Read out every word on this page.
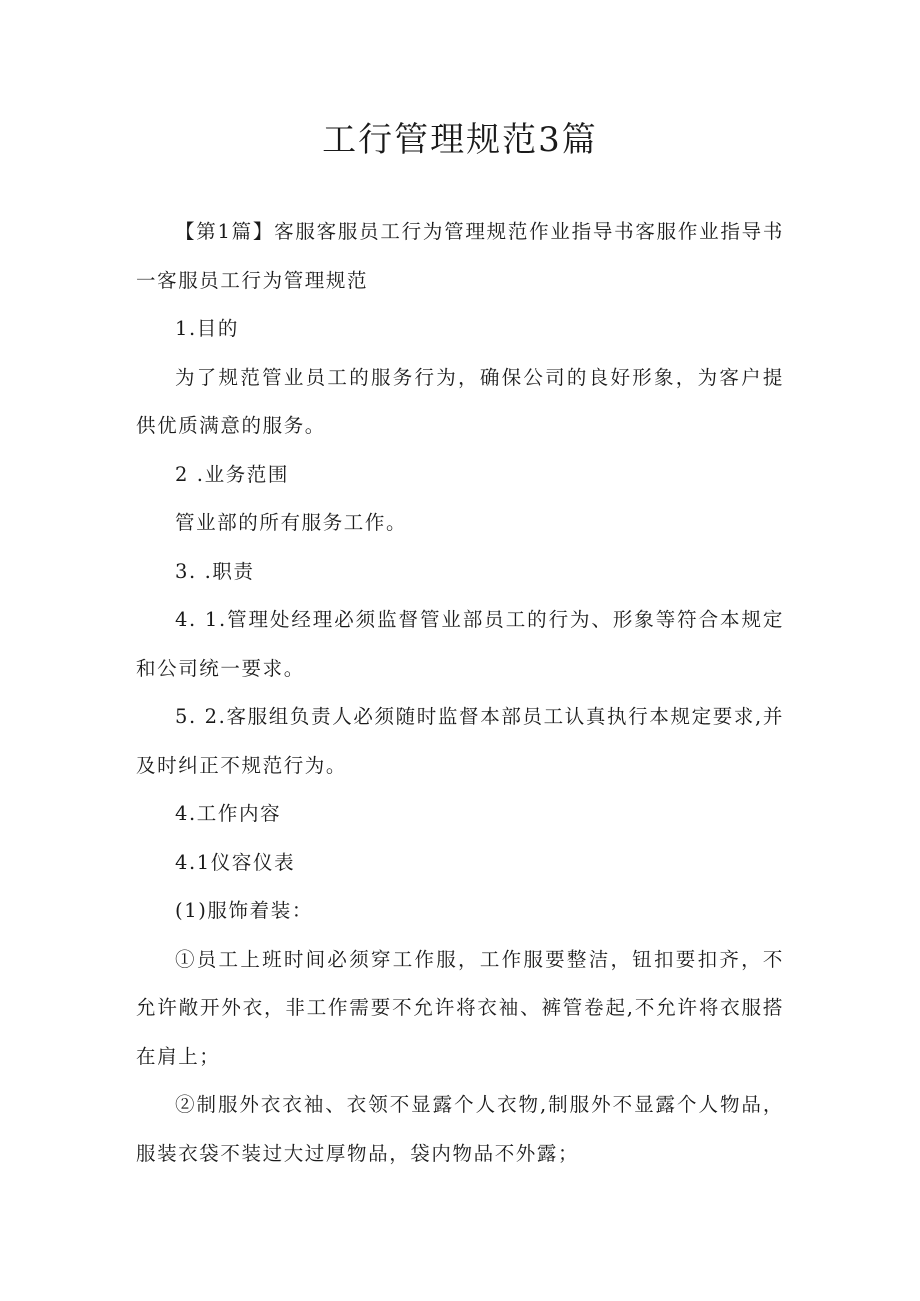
工行管理规范3篇

【第1篇】客服客服员工行为管理规范作业指导书客服作业指导书一客服员工行为管理规范

1.目的

为了规范管业员工的服务行为，确保公司的良好形象，为客户提供优质满意的服务。

2 .业务范围

管业部的所有服务工作。

3. .职责

4. 1.管理处经理必须监督管业部员工的行为、形象等符合本规定和公司统一要求。

5. 2.客服组负责人必须随时监督本部员工认真执行本规定要求,并及时纠正不规范行为。

4.工作内容

4.1仪容仪表

(1)服饰着装：

①员工上班时间必须穿工作服，工作服要整洁，钮扣要扣齐，不允许敞开外衣，非工作需要不允许将衣袖、裤管卷起,不允许将衣服搭在肩上；

②制服外衣衣袖、衣领不显露个人衣物,制服外不显露个人物品，服装衣袋不装过大过厚物品，袋内物品不外露；
